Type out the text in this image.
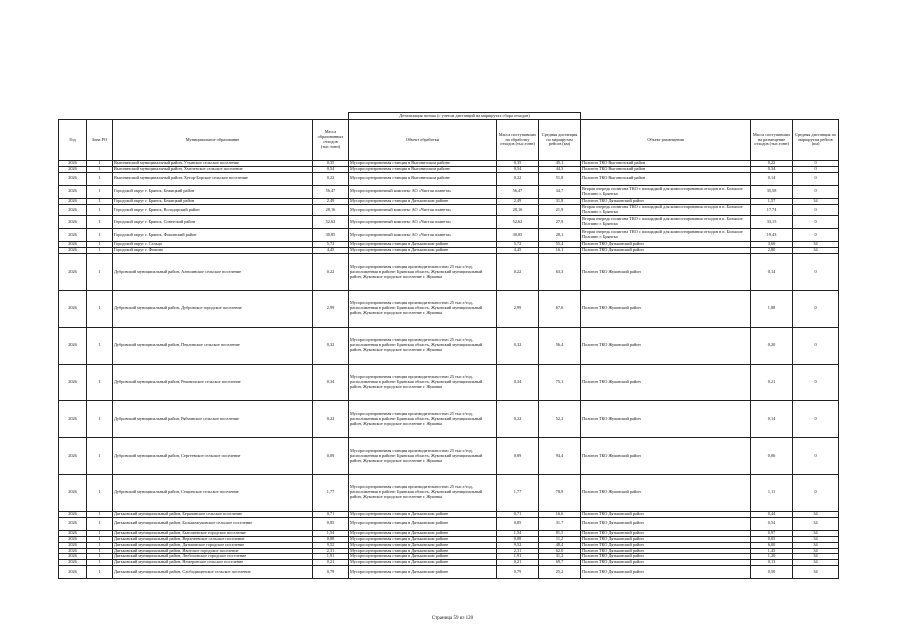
				Детализация потока (с учетом дистанций на маршрутах сбора отходов)					
Год	Зона РО	Муниципальное образование	Масса образованных отходов (тыс.тонн)	Объект обработки	Масса поступивших на обработку отходов (тыс.тонн)	Средняя дистанция по маршрутам рейсов (км)	Объект размещения	Масса поступивших на размещение отходов (тыс.тонн)	Средняя дистанция по маршрутам рейсов (км)

2026	1	Выгоничский муниципальный район, Утынское сельское поселение	0,35	Мусоросортировочная станция в Выгоничском районе	0,35	45,1	Полигон ТКО Выгоничский район	0,22	0

2026	1	Выгоничский муниципальный район, Хмелевское сельское поселение	0,54	Мусоросортировочная станция в Выгоничском районе	0,54	44,3	Полигон ТКО Выгоничский район	0,34	0

2026	1	Выгоничский муниципальный район, Хутор-Борское сельское поселение	0,22	Мусоросортировочная станция в Выгоничском районе	0,22	51,8	Полигон ТКО Выгоничский район	0,14	0

2026	1	Городской округ г. Брянск, Бежицкий район	56,47	Мусоросортировочный комплекс АО «Чистая планета»	56,47	34,7	Вторая очередь полигона ТКО с площадкой для компостирования отходов в п. Большое Полпино г. Брянска	35,58	0

2026	1	Городской округ г. Брянск, Бежицкий район	2,49	Мусоросортировочная станция в Дятьковском районе	2,49	31,8	Полигон ТКО Дятьковский район	1,57	34

2026	1	Городской округ г. Брянск, Володарский район	28,16	Мусоросортировочный комплекс АО «Чистая планета»	28,16	21,9	Вторая очередь полигона ТКО с площадкой для компостирования отходов в п. Большое Полпино г. Брянска	17,74	0

2026	1	Городской округ г. Брянск, Советский район	52,62	Мусоросортировочный комплекс АО «Чистая планета»	52,62	27,9	Вторая очередь полигона ТКО с площадкой для компостирования отходов в п. Большое Полпино г. Брянска	33,15	0

2026	1	Городской округ г. Брянск, Фокинский район	30,85	Мусоросортировочный комплекс АО «Чистая планета»	30,85	28,1	Вторая очередь полигона ТКО с площадкой для компостирования отходов в п. Большое Полпино г. Брянска	19,43	0

2026	1	Городской округ г. Сельцо	5,72	Мусоросортировочная станция в Дятьковском районе	5,72	55,4	Полигон ТКО Дятьковский район	3,60	34

2026	1	Городской округ г. Фокино	4,45	Мусоросортировочная станция в Дятьковском районе	4,45	16,1	Полигон ТКО Дятьковский район	2,80	34

2026	1	Дубровский муниципальный район, Алешинское сельское поселение	0,22	Мусоросортировочная станция производительностью 25 тыс.т/год,
расположенная в районе: Брянская область, Жуковский муниципальный район, Жуковское городское поселение г. Жуковка	0,22	63,3	Полигон ТКО Жуковский район	0,14	0

2026	1	Дубровский муниципальный район, Дубровское городское поселение	2,99	Мусоросортировочная станция производительностью 25 тыс.т/год,
расположенная в районе: Брянская область, Жуковский муниципальный район, Жуковское городское поселение г. Жуковка	2,99	67,6	Полигон ТКО Жуковский район	1,88	0

2026	1	Дубровский муниципальный район, Пеклинское сельское поселение	0,32	Мусоросортировочная станция производительностью 25 тыс.т/год,
расположенная в районе: Брянская область, Жуковский муниципальный район, Жуковское городское поселение г. Жуковка	0,32	56,4	Полигон ТКО Жуковский район	0,20	0

2026	1	Дубровский муниципальный район, Рековичское сельское поселение	0,34	Мусоросортировочная станция производительностью 25 тыс.т/год,
расположенная в районе: Брянская область, Жуковский муниципальный район, Жуковское городское поселение г. Жуковка	0,34	75,1	Полигон ТКО Жуковский район	0,21	0

2026	1	Дубровский муниципальный район, Рябчинское сельское поселение	0,22	Мусоросортировочная станция производительностью 25 тыс.т/год,
расположенная в районе: Брянская область, Жуковский муниципальный район, Жуковское городское поселение г. Жуковка	0,22	52,2	Полигон ТКО Жуковский район	0,14	0

2026	1	Дубровский муниципальный район, Сергеевское сельское поселение	0,09	Мусоросортировочная станция производительностью 25 тыс.т/год,
расположенная в районе: Брянская область, Жуковский муниципальный район, Жуковское городское поселение г. Жуковка	0,09	94,4	Полигон ТКО Жуковский район	0,06	0

2026	1	Дубровский муниципальный район, Сещинское сельское поселение	1,77	Мусоросортировочная станция производительностью 25 тыс.т/год,
расположенная в районе: Брянская область, Жуковский муниципальный район, Жуковское городское поселение г. Жуковка	1,77	78,9	Полигон ТКО Жуковский район	1,11	0

2026	1	Дятьковский муниципальный район, Берязинское сельское поселение	0,71	Мусоросортировочная станция в Дятьковском районе	0,71	16,6	Полигон ТКО Дятьковский район	0,44	34

2026	1	Дятьковский муниципальный район, Большежуковское сельское поселение	0,85	Мусоросортировочная станция в Дятьковском районе	0,85	31,7	Полигон ТКО Дятьковский район	0,54	34

2026	1	Дятьковский муниципальный район, Бытошевское городское поселение	1,54	Мусоросортировочная станция в Дятьковском районе	1,54	81,5	Полигон ТКО Дятьковский район	0,97	34

2026	1	Дятьковский муниципальный район, Верхнеевское сельское поселение	0,08	Мусоросортировочная станция в Дятьковском районе	0,08	11,2	Полигон ТКО Дятьковский район	0,05	34

2026	1	Дятьковский муниципальный район, Дятьковское городское поселение	9,52	Мусоросортировочная станция в Дятьковском районе	9,52	48,4	Полигон ТКО Дятьковский район	6,00	34

2026	1	Дятьковский муниципальный район, Ивотское городское поселение	2,31	Мусоросортировочная станция в Дятьковском районе	2,31	62,0	Полигон ТКО Дятьковский район	1,45	34

2026	1	Дятьковский муниципальный район, Любохонское городское поселение	1,91	Мусоросортировочная станция в Дятьковском районе	1,91	31,2	Полигон ТКО Дятьковский район	1,20	34

2026	1	Дятьковский муниципальный район, Немеровское сельское поселение	0,21	Мусоросортировочная станция в Дятьковском районе	0,21	69,7	Полигон ТКО Дятьковский район	0,13	34

2026	1	Дятьковский муниципальный район, Слободищенское сельское поселение	0,79	Мусоросортировочная станция в Дятьковском районе	0,79	25,2	Полигон ТКО Дятьковский район	0,50	34
Страница 59 из 120
